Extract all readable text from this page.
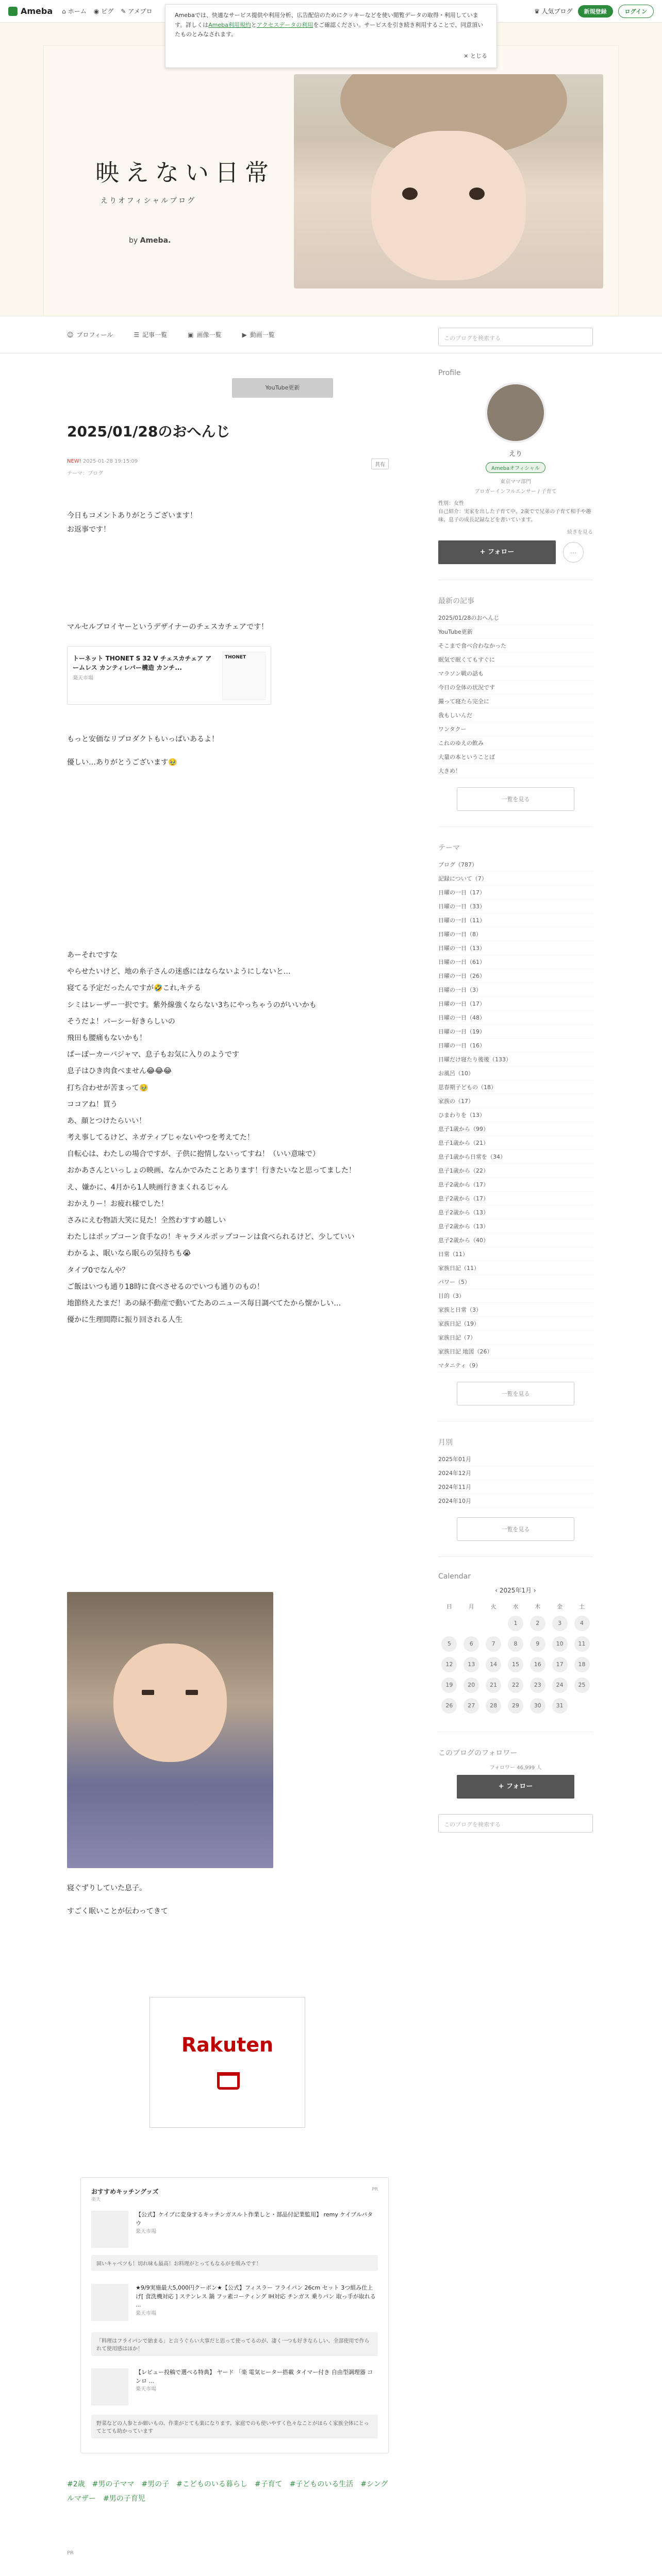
Ameba ⌂ ホーム ◉ ピグ ✎ アメブロ	♛ 人気ブログ	新規登録	ログイン
Amebaでは、快適なサービス提供や利用分析、広告配信のためにクッキーなどを使い閲覧データの取得・利用しています。詳しくはAmeba利用規約とアクセスデータの利用をご確認ください。サービスを引き続き利用することで、同意頂いたものとみなされます。
× とじる
映えない日常
えりオフィシャルブログ
by Ameba.
☺ プロフィール	☰ 記事一覧	▣ 画像一覧	▶ 動画一覧	このブログを検索する
YouTube更新
2025/01/28のおへんじ
NEW! 2025-01-28 19:15:09
テーマ：ブログ
共有

今日もコメントありがとうございます！

お返事です！

マルセルブロイヤーというデザイナーのチェスカチェアです！

トーネット THONET S 32 V チェスカチェア アームレス カンティレバー構造 カンチ...
楽天市場
THONET

もっと安価なリプロダクトもいっぱいあるよ！

優しい…ありがとうございます🥹

あーそれですな

やらせたいけど、地の糸子さんの迷惑にはならないようにしないと…

寝てる予定だったんですが🤣これ,キテる

シミはレーザー一択です。紫外線強くならない3ちにやっちゃうのがいいかも

そうだよ！パーシー好きらしいの

飛田も腰痛もないかも！

ぱーぽーカーバジャマ、息子もお気に入りのようです

息子はひき肉食べません😂😂😂

打ち合わせが苦まって🥹

ココアね！買う

あ、顔とつけたらいい！

考え事してるけど、ネガティブじゃないやつを考えてた！

自転心は、わたしの場合ですが、子供に抱情しないってすね！（いい意味で）

おかあさんといっしょの映画、なんかでみたことあります！行きたいなと思ってました！

え、嫌かに、4月から1人映画行きまくれるじゃん

おかえりー！お疲れ様でした！

さみにえむ物語大笑に見た！全然わすすめ越しい

わたしはポップコーン食手なの！キャラメルポップコーンは食べられるけど、少していい

わかるよ、眠いなら眠らの気持ちも😭

タイプ0でなんや？

ご飯はいつも通り18時に食べさせるのでいつも通りのもの！

地節終えたまだ！あの緑不動産で動いてたあのニュース毎日調べてたから懐かしい…

優かに生理間際に振り回される人生

寝ぐずりしていた息子。

すごく眠いことが伝わってきて

Rakuten
おすすめキッチングッズ	PR
楽天
【公式】ケイブに変身するキッチンガスルト作業しと・部品付記業監用】 remy ケイブルパタウ
楽天市場
固いキャベツも！切れ味も最高！お料理がとってもなるがを吸みです！
★9/9実施最大5,000円クーポン★【公式】フィスラー フライパン 26cm セット 3つ組み仕上げ[ 食洗機対応 ] ステンレス 鍋 フッ素コーティング IH対応 チンガス 乗りパン 取っ手が取れる ...
楽天市場
「料理はフライパンで始まる」と言うぐらい大事だと思って使ってるのが、凄く一つも好きならしい、全部使用で作られて使用感はほか！
【レビュー投稿で選べる特典】 ヤード 「楽 電気ヒーター搭載 タイマー付き 自由型調理器 コンロ ...
楽天市場
野菜などの人参とか細いもの、作業がとても楽になります。家庭でのも使いやすく色々なことがほらく家族全体にとってとても助かっています
#2歳 #男の子ママ #男の子 #こどものいる暮らし #子育て #子どものいる生活 #シングルマザー #男の子育児
PR
Profile
えり
Amebaオフィシャル
東京ママ部門
ブロガーインフルエンサー / 子育て
性別：女性
自己紹介：実家を出した子育て中。2歳でで兄弟の子育て相手や趣味、息子の成長記録などを書いています。
続きを見る
+ フォロー	⋯
最新の記事
2025/01/28のおへんじ
YouTube更新
そこまで食べ合わなかった
眠気で眠くてもすぐに
マラソン戦の話も
今日の全体の状況です
撮って寝たら完全に
我もしいんだ
ワンタクー
これのゆえの飲み
大量の本ということば
大きめ！
一覧を見る
テーマ
ブログ（787）
記録について（7）
日曜の一日（17）
日曜の一日（33）
日曜の一日（11）
日曜の一日（8）
日曜の一日（13）
日曜の一日（61）
日曜の一日（26）
日曜の一日（3）
日曜の一日（17）
日曜の一日（48）
日曜の一日（19）
日曜の一日（16）
日曜だけ寝たり後後（133）
お風呂（10）
思春期子どもの（18）
家族の（17）
ひまわりを（13）
息子1歳から（99）
息子1歳から（21）
息子1歳から日常を（34）
息子1歳から（22）
息子2歳から（17）
息子2歳から（17）
息子2歳から（13）
息子2歳から（13）
息子2歳から（40）
日常（11）
家族日記（11）
パワー（5）
目的（3）
家族と日常（3）
家族日記（19）
家族日記（7）
家族日記 地図（26）
マタニティ（9）
一覧を見る
月別
2025年01月
2024年12月
2024年11月
2024年10月
一覧を見る
Calendar
‹ 2025年1月 ›
日	月	火	水	木	金	土
			1	2	3	4
5	6	7	8	9	10	11
12	13	14	15	16	17	18
19	20	21	22	23	24	25
26	27	28	29	30	31	
このブログのフォロワー
フォロワー 46,999 人
+ フォロー
このブログを検索する
